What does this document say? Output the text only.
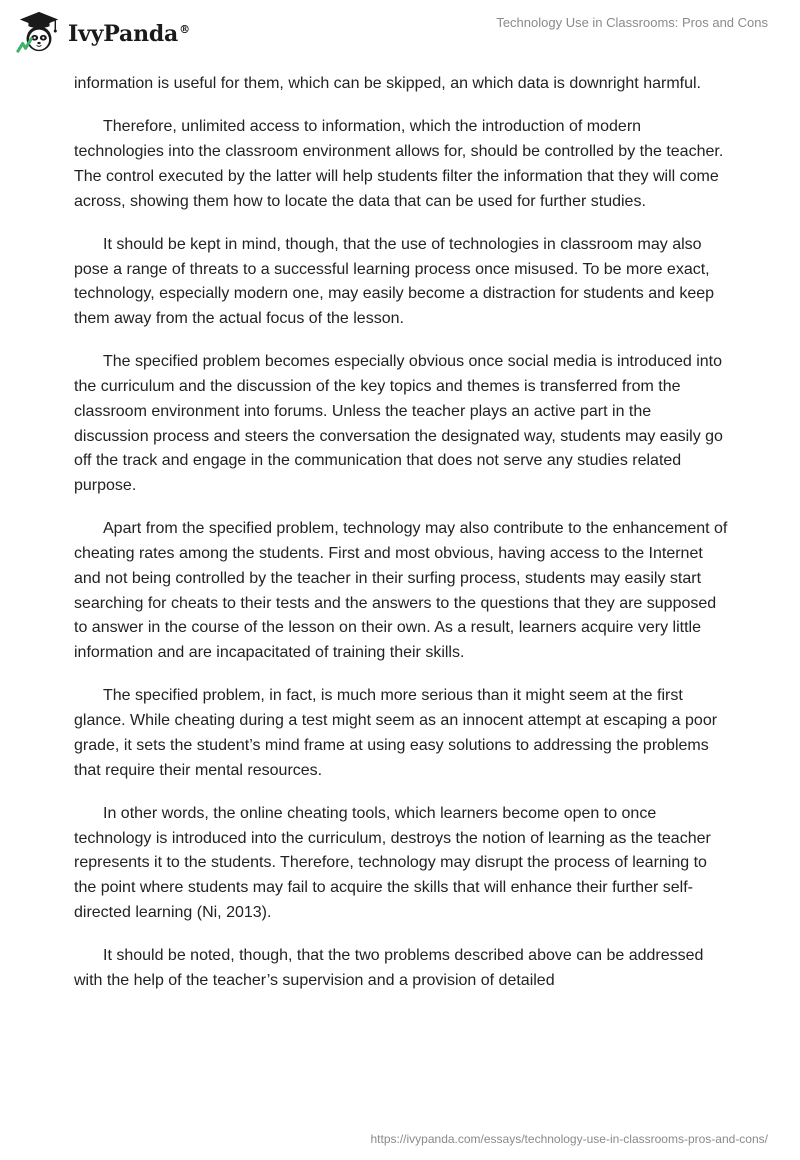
IvyPanda®	Technology Use in Classrooms: Pros and Cons

information is useful for them, which can be skipped, an which data is downright harmful.

Therefore, unlimited access to information, which the introduction of modern technologies into the classroom environment allows for, should be controlled by the teacher. The control executed by the latter will help students filter the information that they will come across, showing them how to locate the data that can be used for further studies.

It should be kept in mind, though, that the use of technologies in classroom may also pose a range of threats to a successful learning process once misused. To be more exact, technology, especially modern one, may easily become a distraction for students and keep them away from the actual focus of the lesson.

The specified problem becomes especially obvious once social media is introduced into the curriculum and the discussion of the key topics and themes is transferred from the classroom environment into forums. Unless the teacher plays an active part in the discussion process and steers the conversation the designated way, students may easily go off the track and engage in the communication that does not serve any studies related purpose.

Apart from the specified problem, technology may also contribute to the enhancement of cheating rates among the students. First and most obvious, having access to the Internet and not being controlled by the teacher in their surfing process, students may easily start searching for cheats to their tests and the answers to the questions that they are supposed to answer in the course of the lesson on their own. As a result, learners acquire very little information and are incapacitated of training their skills.

The specified problem, in fact, is much more serious than it might seem at the first glance. While cheating during a test might seem as an innocent attempt at escaping a poor grade, it sets the student’s mind frame at using easy solutions to addressing the problems that require their mental resources.

In other words, the online cheating tools, which learners become open to once technology is introduced into the curriculum, destroys the notion of learning as the teacher represents it to the students. Therefore, technology may disrupt the process of learning to the point where students may fail to acquire the skills that will enhance their further self-directed learning (Ni, 2013).

It should be noted, though, that the two problems described above can be addressed with the help of the teacher’s supervision and a provision of detailed

https://ivypanda.com/essays/technology-use-in-classrooms-pros-and-cons/
